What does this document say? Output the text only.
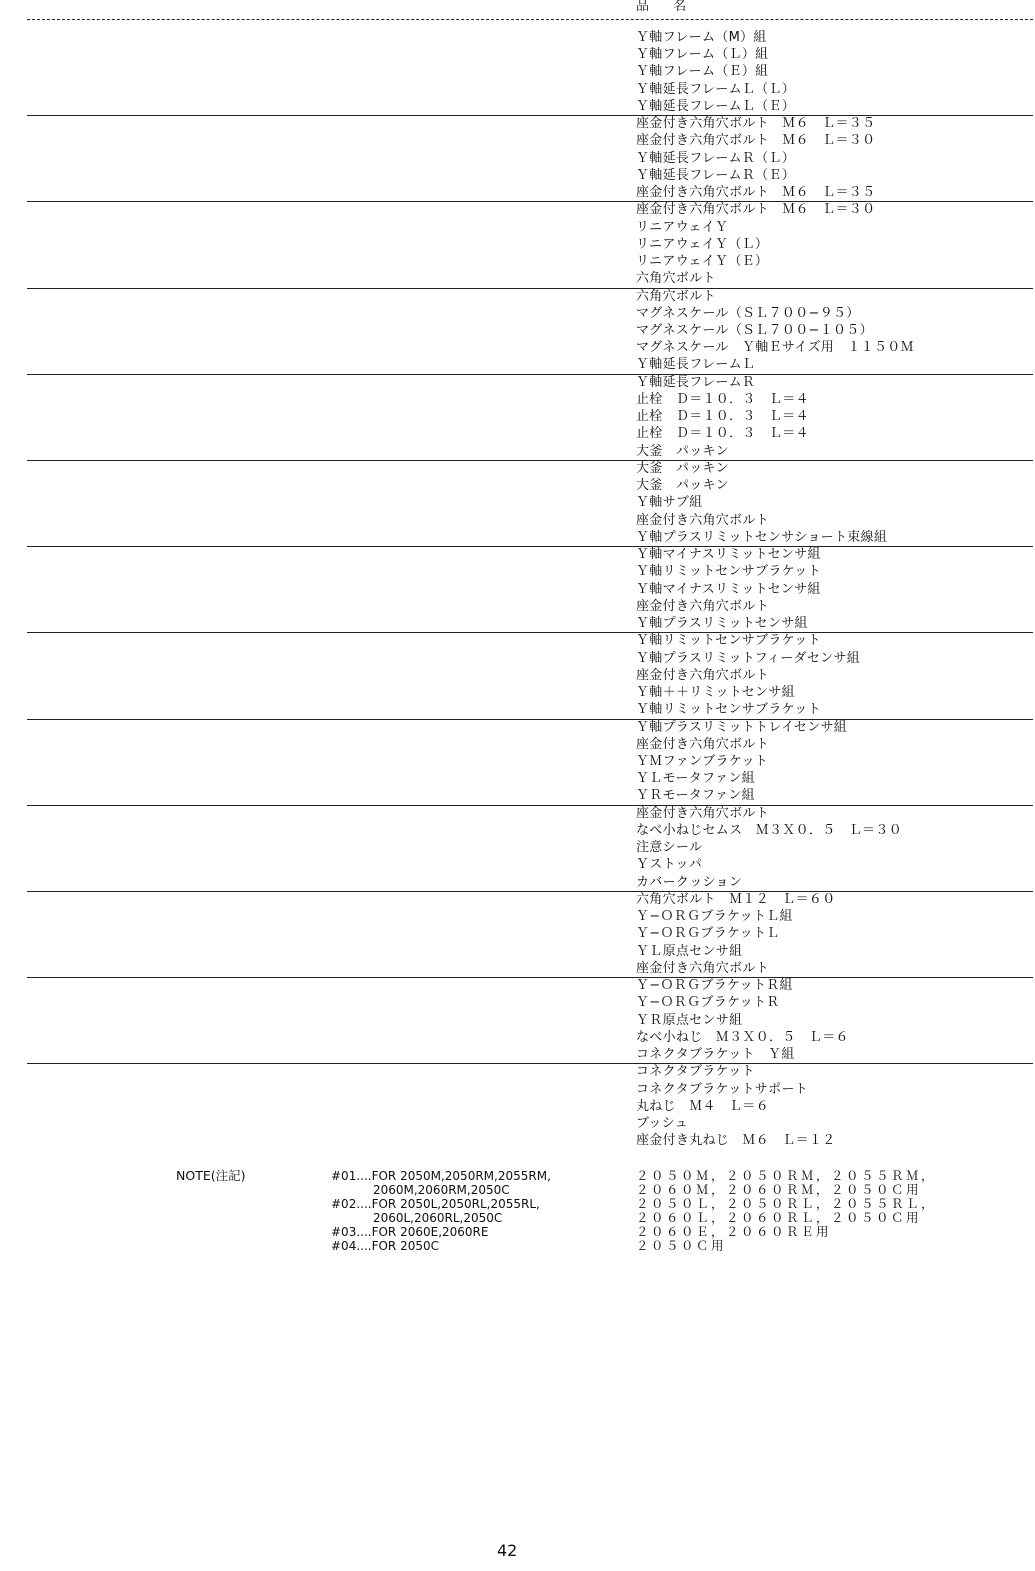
品 名
Ｙ軸フレーム（M）組
Ｙ軸フレーム（Ｌ）組
Ｙ軸フレーム（Ｅ）組
Ｙ軸延長フレームＬ（Ｌ）
Ｙ軸延長フレームＬ（Ｅ）
座金付き六角穴ボルト　Ｍ６　Ｌ＝３５
座金付き六角穴ボルト　Ｍ６　Ｌ＝３０
Ｙ軸延長フレームＲ（Ｌ）
Ｙ軸延長フレームＲ（Ｅ）
座金付き六角穴ボルト　Ｍ６　Ｌ＝３５
座金付き六角穴ボルト　Ｍ６　Ｌ＝３０
リニアウェイＹ
リニアウェイＹ（Ｌ）
リニアウェイＹ（Ｅ）
六角穴ボルト
六角穴ボルト
マグネスケール（ＳＬ７００−９５）
マグネスケール（ＳＬ７００−１０５）
マグネスケール　Ｙ軸Ｅサイズ用　１１５０Ｍ
Ｙ軸延長フレームＬ
Ｙ軸延長フレームＲ
止栓　Ｄ＝１０．３　Ｌ＝４
止栓　Ｄ＝１０．３　Ｌ＝４
止栓　Ｄ＝１０．３　Ｌ＝４
大釜　パッキン
大釜　パッキン
大釜　パッキン
Ｙ軸サブ組
座金付き六角穴ボルト
Ｙ軸プラスリミットセンサショート束線組
Ｙ軸マイナスリミットセンサ組
Ｙ軸リミットセンサブラケット
Ｙ軸マイナスリミットセンサ組
座金付き六角穴ボルト
Ｙ軸プラスリミットセンサ組
Ｙ軸リミットセンサブラケット
Ｙ軸プラスリミットフィーダセンサ組
座金付き六角穴ボルト
Ｙ軸＋＋リミットセンサ組
Ｙ軸リミットセンサブラケット
Ｙ軸プラスリミットトレイセンサ組
座金付き六角穴ボルト
ＹＭファンブラケット
ＹＬモータファン組
ＹＲモータファン組
座金付き六角穴ボルト
なべ小ねじセムス　Ｍ３Ｘ０．５　Ｌ＝３０
注意シール
Ｙストッパ
カバークッション
六角穴ボルト　Ｍ１２　Ｌ＝６０
Ｙ−ＯＲＧブラケットＬ組
Ｙ−ＯＲＧブラケットＬ
ＹＬ原点センサ組
座金付き六角穴ボルト
Ｙ−ＯＲＧブラケットＲ組
Ｙ−ＯＲＧブラケットＲ
ＹＲ原点センサ組
なべ小ねじ　Ｍ３Ｘ０．５　Ｌ＝６
コネクタブラケット　Ｙ組
コネクタブラケット
コネクタブラケットサポート
丸ねじ　Ｍ４　Ｌ＝６
ブッシュ
座金付き丸ねじ　Ｍ６　Ｌ＝１２
NOTE(注記)	#01....FOR 2050M,2050RM,2055RM,
2060M,2060RM,2050C
#02....FOR 2050L,2050RL,2055RL,
2060L,2060RL,2050C
#03....FOR 2060E,2060RE
#04....FOR 2050C
２０５０Ｍ，２０５０ＲＭ，２０５５ＲＭ，
２０６０Ｍ，２０６０ＲＭ，２０５０Ｃ用
２０５０Ｌ，２０５０ＲＬ，２０５５ＲＬ，
２０６０Ｌ，２０６０ＲＬ，２０５０Ｃ用
２０６０Ｅ，２０６０ＲＥ用
２０５０Ｃ用
42
